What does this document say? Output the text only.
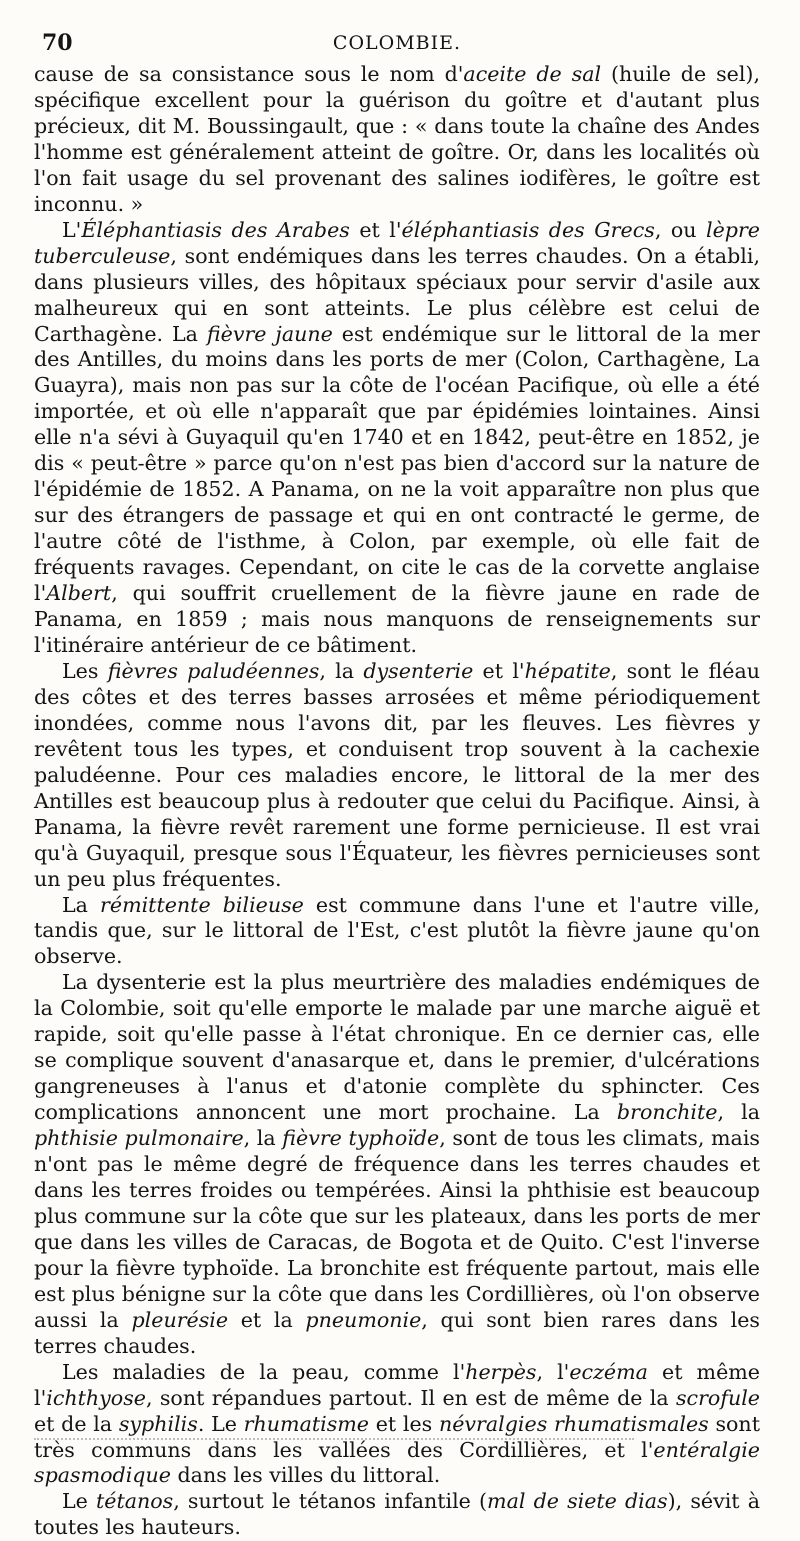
70	COLOMBIE.

cause de sa consistance sous le nom d'aceite de sal (huile de sel), spécifique excellent pour la guérison du goître et d'autant plus précieux, dit M. Boussingault, que : « dans toute la chaîne des Andes l'homme est généralement atteint de goître. Or, dans les localités où l'on fait usage du sel provenant des salines iodifères, le goître est inconnu. »

L'Éléphantiasis des Arabes et l'éléphantiasis des Grecs, ou lèpre tuberculeuse, sont endémiques dans les terres chaudes. On a établi, dans plusieurs villes, des hôpitaux spéciaux pour servir d'asile aux malheureux qui en sont atteints. Le plus célèbre est celui de Carthagène. La fièvre jaune est endémique sur le littoral de la mer des Antilles, du moins dans les ports de mer (Colon, Carthagène, La Guayra), mais non pas sur la côte de l'océan Pacifique, où elle a été importée, et où elle n'apparaît que par épidémies lointaines. Ainsi elle n'a sévi à Guyaquil qu'en 1740 et en 1842, peut-être en 1852, je dis « peut-être » parce qu'on n'est pas bien d'accord sur la nature de l'épidémie de 1852. A Panama, on ne la voit apparaître non plus que sur des étrangers de passage et qui en ont contracté le germe, de l'autre côté de l'isthme, à Colon, par exemple, où elle fait de fréquents ravages. Cependant, on cite le cas de la corvette anglaise l'Albert, qui souffrit cruellement de la fièvre jaune en rade de Panama, en 1859 ; mais nous manquons de renseignements sur l'itinéraire antérieur de ce bâtiment.

Les fièvres paludéennes, la dysenterie et l'hépatite, sont le fléau des côtes et des terres basses arrosées et même périodiquement inondées, comme nous l'avons dit, par les fleuves. Les fièvres y revêtent tous les types, et conduisent trop souvent à la cachexie paludéenne. Pour ces maladies encore, le littoral de la mer des Antilles est beaucoup plus à redouter que celui du Pacifique. Ainsi, à Panama, la fièvre revêt rarement une forme pernicieuse. Il est vrai qu'à Guyaquil, presque sous l'Équateur, les fièvres pernicieuses sont un peu plus fréquentes.

La rémittente bilieuse est commune dans l'une et l'autre ville, tandis que, sur le littoral de l'Est, c'est plutôt la fièvre jaune qu'on observe.

La dysenterie est la plus meurtrière des maladies endémiques de la Colombie, soit qu'elle emporte le malade par une marche aiguë et rapide, soit qu'elle passe à l'état chronique. En ce dernier cas, elle se complique souvent d'anasarque et, dans le premier, d'ulcérations gangreneuses à l'anus et d'atonie complète du sphincter. Ces complications annoncent une mort prochaine. La bronchite, la phthisie pulmonaire, la fièvre typhoïde, sont de tous les climats, mais n'ont pas le même degré de fréquence dans les terres chaudes et dans les terres froides ou tempérées. Ainsi la phthisie est beaucoup plus commune sur la côte que sur les plateaux, dans les ports de mer que dans les villes de Caracas, de Bogota et de Quito. C'est l'inverse pour la fièvre typhoïde. La bronchite est fréquente partout, mais elle est plus bénigne sur la côte que dans les Cordillières, où l'on observe aussi la pleurésie et la pneumonie, qui sont bien rares dans les terres chaudes.

Les maladies de la peau, comme l'herpès, l'eczéma et même l'ichthyose, sont répandues partout. Il en est de même de la scrofule et de la syphilis. Le rhumatisme et les névralgies rhumatismales sont très communs dans les vallées des Cordillières, et l'entéralgie spasmodique dans les villes du littoral.

Le tétanos, surtout le tétanos infantile (mal de siete dias), sévit à toutes les hauteurs.
